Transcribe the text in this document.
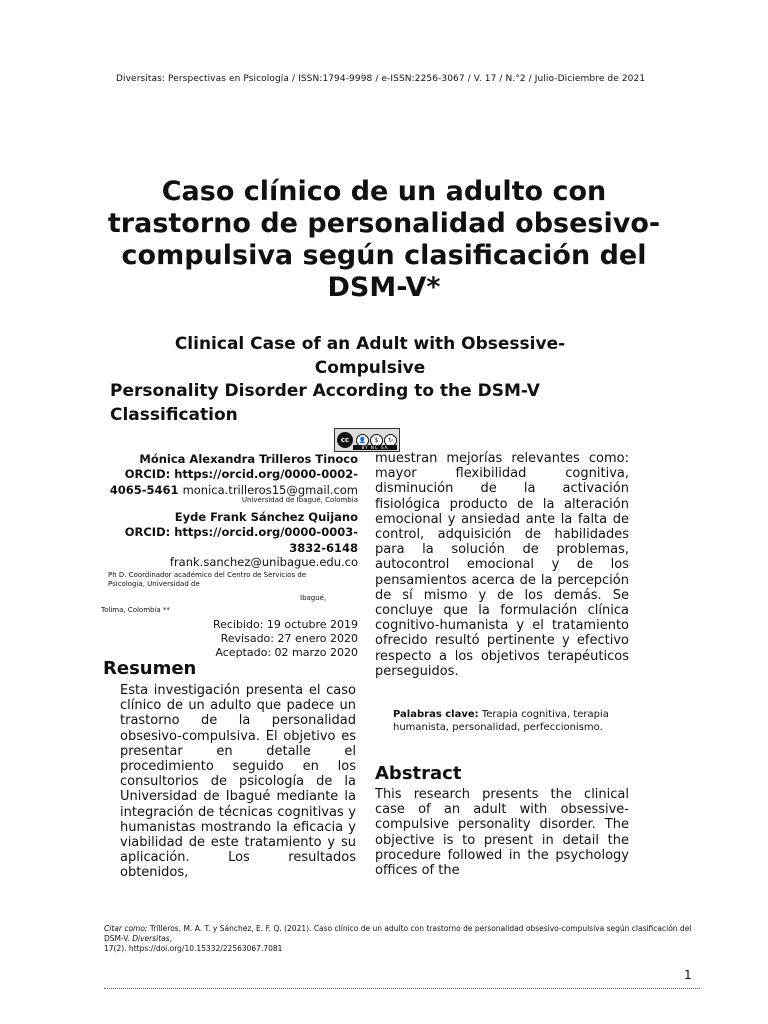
Diversitas: Perspectivas en Psicología / ISSN:1794-9998 / e-ISSN:2256-3067 / V. 17 / N.°2 / Julio-Diciembre de 2021
Caso clínico de un adulto con trastorno de personalidad obsesivo-compulsiva según clasificación del DSM-V*
Clinical Case of an Adult with Obsessive-Compulsive
Personality Disorder According to the DSM-V Classification
cc	👤	$	↻
BY NC SA
Mónica Alexandra Trilleros Tinoco
ORCID: https://orcid.org/0000-0002-4065-5461 monica.trilleros15@gmail.com
Universidad de Ibagué, Colombia
Eyde Frank Sánchez Quijano
ORCID: https://orcid.org/0000-0003-3832-6148
frank.sanchez@unibague.edu.co
Ph D. Coordinador académico del Centro de Servicios de Psicología, Universidad de
Ibagué,
Tolima, Colombia **
Recibido: 19 octubre 2019
Revisado: 27 enero 2020
Aceptado: 02 marzo 2020
Resumen
Esta investigación presenta el caso clínico de un adulto que padece un trastorno de la personalidad obsesivo-compulsiva. El objetivo es presentar en detalle el procedimiento seguido en los consultorios de psicología de la Universidad de Ibagué mediante la integración de técnicas cognitivas y humanistas mostrando la eficacia y viabilidad de este tratamiento y su aplicación. Los resultados obtenidos,
muestran mejorías relevantes como: mayor flexibilidad cognitiva, disminución de la activación fisiológica producto de la alteración emocional y ansiedad ante la falta de control, adquisición de habilidades para la solución de problemas, autocontrol emocional y de los pensamientos acerca de la percepción de sí mismo y de los demás. Se concluye que la formulación clínica cognitivo-humanista y el tratamiento ofrecido resultó pertinente y efectivo respecto a los objetivos terapéuticos perseguidos.
Palabras clave: Terapia cognitiva, terapia humanista, personalidad, perfeccionismo.
Abstract
This research presents the clinical case of an adult with obsessive-compulsive personality disorder. The objective is to present in detail the procedure followed in the psychology offices of the
Citar como: Trilleros, M. A. T. y Sánchez, E. F. Q. (2021). Caso clínico de un adulto con trastorno de personalidad obsesivo-compulsiva según clasificación del DSM-V. Diversitas,
17(2). https://doi.org/10.15332/22563067.7081
1
